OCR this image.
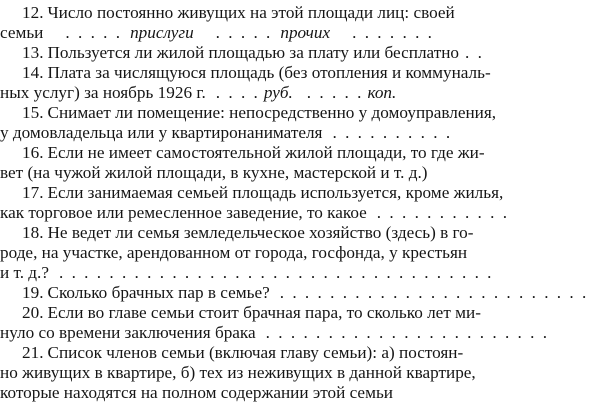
12. Число постоянно живущих на этой площади лиц: своей
семьи . . . . . прислуги . . . . . прочих . . . . . . .
13. Пользуется ли жилой площадью за плату или бесплатно . .
14. Плата за числящуюся площадь (без отопления и коммуналь-
ных услуг) за ноябрь 1926 г. . . . . руб. . . . . . коп.
15. Снимает ли помещение: непосредственно у домоуправления,
у домовладельца или у квартиронанимателя . . . . . . . . . .
16. Если не имеет самостоятельной жилой площади, то где жи-
вет (на чужой жилой площади, в кухне, мастерской и т. д.)
17. Если занимаемая семьей площадь используется, кроме жилья,
как торговое или ремесленное заведение, то какое . . . . . . . . . . .
18. Не ведет ли семья земледельческое хозяйство (здесь) в го-
роде, на участке, арендованном от города, госфонда, у крестьян
и т. д.? . . . . . . . . . . . . . . . . . . . . . . . . . . . . . . . . . . .
19. Сколько брачных пар в семье? . . . . . . . . . . . . . . . . . . . . . . . . .
20. Если во главе семьи стоит брачная пара, то сколько лет ми-
нуло со времени заключения брака . . . . . . . . . . . . . . . . . . . . . . .
21. Список членов семьи (включая главу семьи): а) постоян-
но живущих в квартире, б) тех из неживущих в данной квартире,
которые находятся на полном содержании этой семьи
